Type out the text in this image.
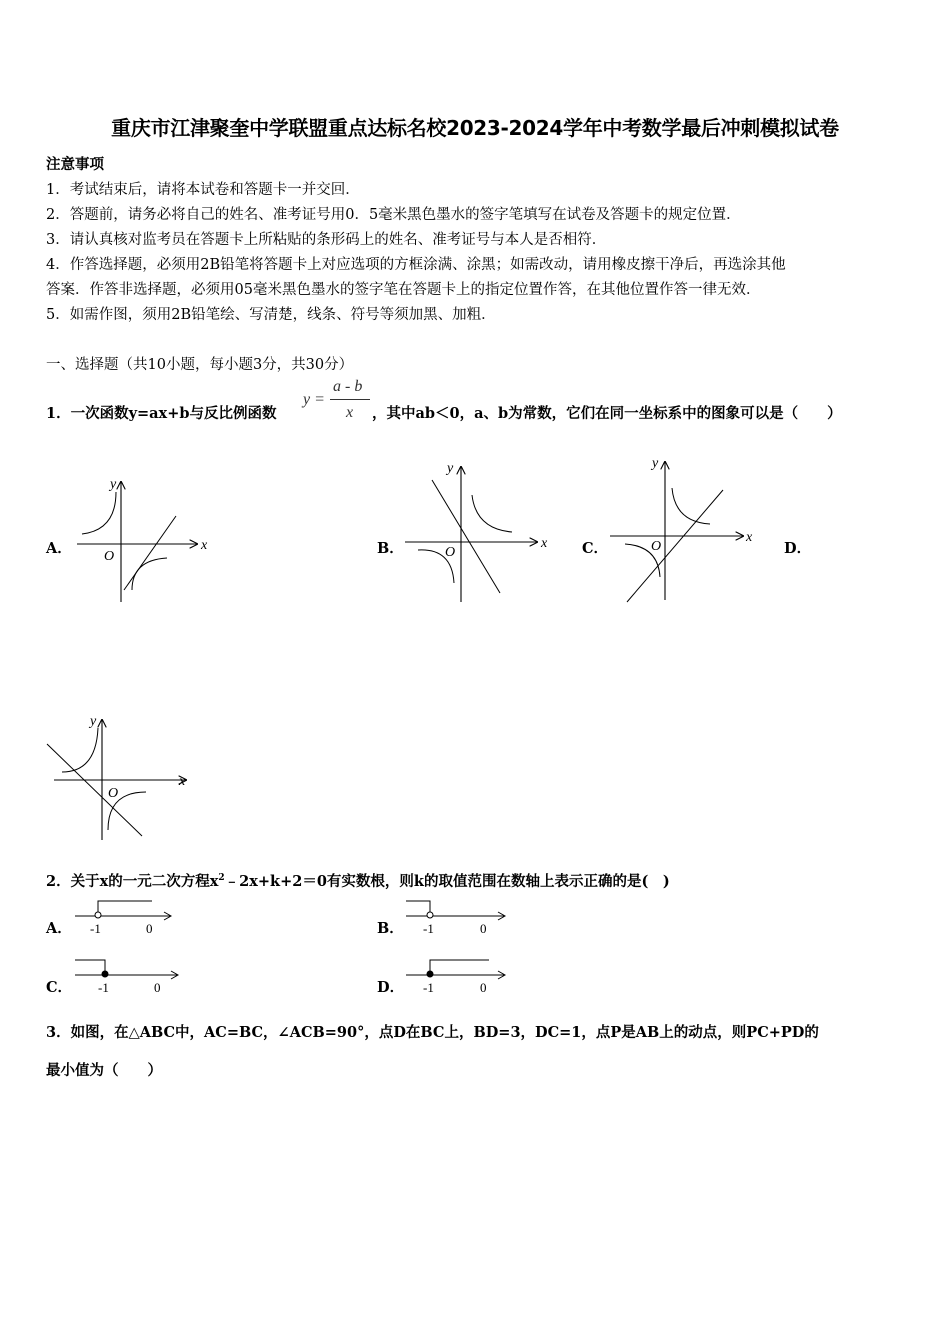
重庆市江津聚奎中学联盟重点达标名校2023-2024学年中考数学最后冲刺模拟试卷
注意事项
1．考试结束后，请将本试卷和答题卡一并交回．
2．答题前，请务必将自己的姓名、准考证号用0．5毫米黑色墨水的签字笔填写在试卷及答题卡的规定位置．
3．请认真核对监考员在答题卡上所粘贴的条形码上的姓名、准考证号与本人是否相符．
4．作答选择题，必须用2B铅笔将答题卡上对应选项的方框涂满、涂黑；如需改动，请用橡皮擦干净后，再选涂其他
答案．作答非选择题，必须用05毫米黑色墨水的签字笔在答题卡上的指定位置作答，在其他位置作答一律无效．
5．如需作图，须用2B铅笔绘、写清楚，线条、符号等须加黑、加粗．
一、选择题（共10小题，每小题3分，共30分）
1．一次函数y=ax+b与反比例函数
y =
a - b
x ，其中ab＜0，a、b为常数，它们在同一坐标系中的图象可以是（　　）
A．	B．	C．	D．
x
y
O
x
y
O
x
y
O
x
y
O
2．关于x的一元二次方程$x^2﹣2x+k+2=0$有实数根，则k的取值范围在数轴上表示正确的是(　)
A．	B．
C．	D．
-1	0	-1	0
-1	0	-1	0
3．如图，在△ABC中，AC=BC，∠ACB=90°，点D在BC上，BD=3，DC=1，点P是AB上的动点，则PC+PD的
最小值为（　　）
